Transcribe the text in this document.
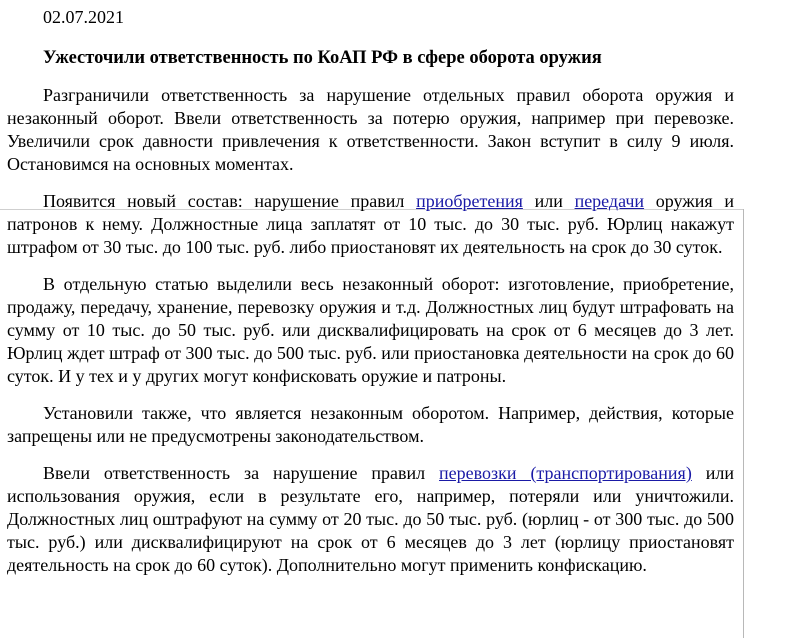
02.07.2021
Ужесточили ответственность по КоАП РФ в сфере оборота оружия

Разграничили ответственность за нарушение отдельных правил оборота оружия и незаконный оборот. Ввели ответственность за потерю оружия, например при перевозке. Увеличили срок давности привлечения к ответственности. Закон вступит в силу 9 июля. Остановимся на основных моментах.

Появится новый состав: нарушение правил приобретения или передачи оружия и патронов к нему. Должностные лица заплатят от 10 тыс. до 30 тыс. руб. Юрлиц накажут штрафом от 30 тыс. до 100 тыс. руб. либо приостановят их деятельность на срок до 30 суток.

В отдельную статью выделили весь незаконный оборот: изготовление, приобретение, продажу, передачу, хранение, перевозку оружия и т.д. Должностных лиц будут штрафовать на сумму от 10 тыс. до 50 тыс. руб. или дисквалифицировать на срок от 6 месяцев до 3 лет. Юрлиц ждет штраф от 300 тыс. до 500 тыс. руб. или приостановка деятельности на срок до 60 суток. И у тех и у других могут конфисковать оружие и патроны.

Установили также, что является незаконным оборотом. Например, действия, которые запрещены или не предусмотрены законодательством.

Ввели ответственность за нарушение правил перевозки (транспортирования) или использования оружия, если в результате его, например, потеряли или уничтожили. Должностных лиц оштрафуют на сумму от 20 тыс. до 50 тыс. руб. (юрлиц - от 300 тыс. до 500 тыс. руб.) или дисквалифицируют на срок от 6 месяцев до 3 лет (юрлицу приостановят деятельность на срок до 60 суток). Дополнительно могут применить конфискацию.
